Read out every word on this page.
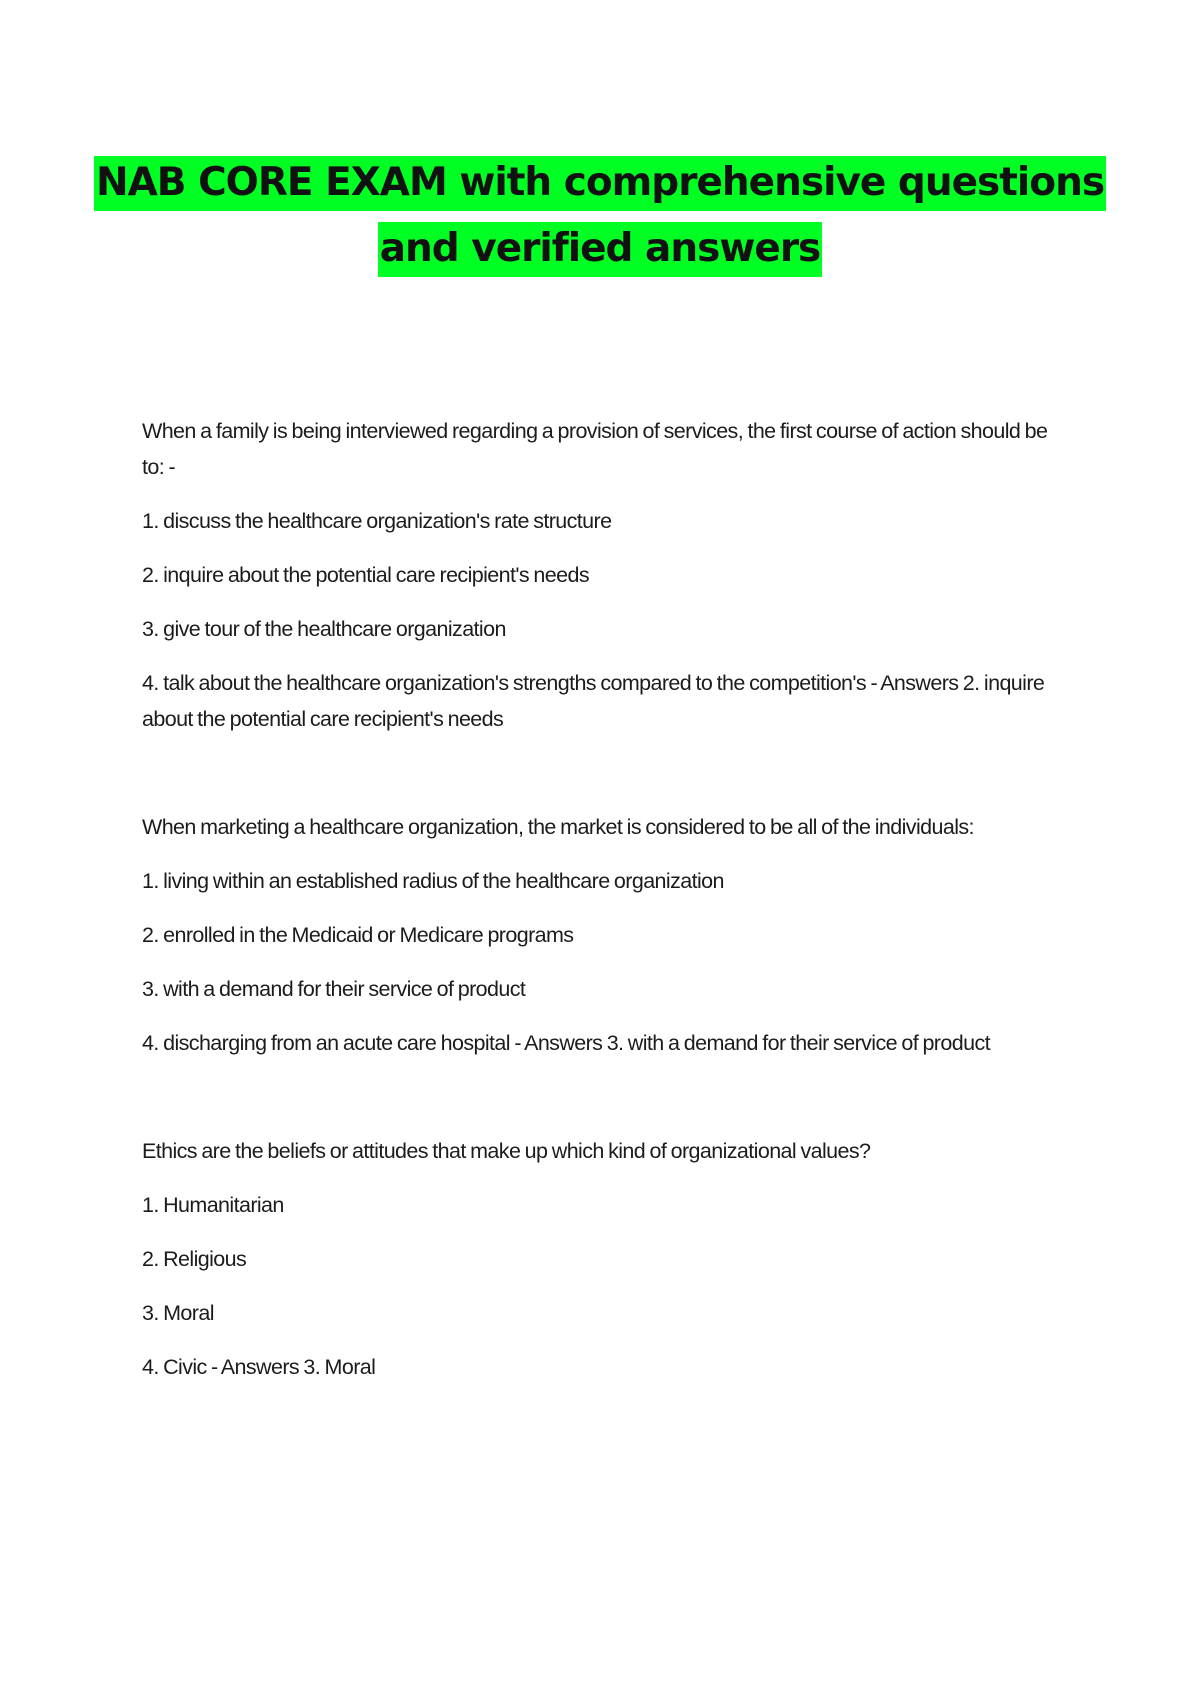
NAB CORE EXAM with comprehensive questions
and verified answers
When a family is being interviewed regarding a provision of services, the first course of action should be to: -
1. discuss the healthcare organization's rate structure
2. inquire about the potential care recipient's needs
3. give tour of the healthcare organization
4. talk about the healthcare organization's strengths compared to the competition's - Answers 2. inquire about the potential care recipient's needs
When marketing a healthcare organization, the market is considered to be all of the individuals:
1. living within an established radius of the healthcare organization
2. enrolled in the Medicaid or Medicare programs
3. with a demand for their service of product
4. discharging from an acute care hospital - Answers 3. with a demand for their service of product
Ethics are the beliefs or attitudes that make up which kind of organizational values?
1. Humanitarian
2. Religious
3. Moral
4. Civic - Answers 3. Moral
